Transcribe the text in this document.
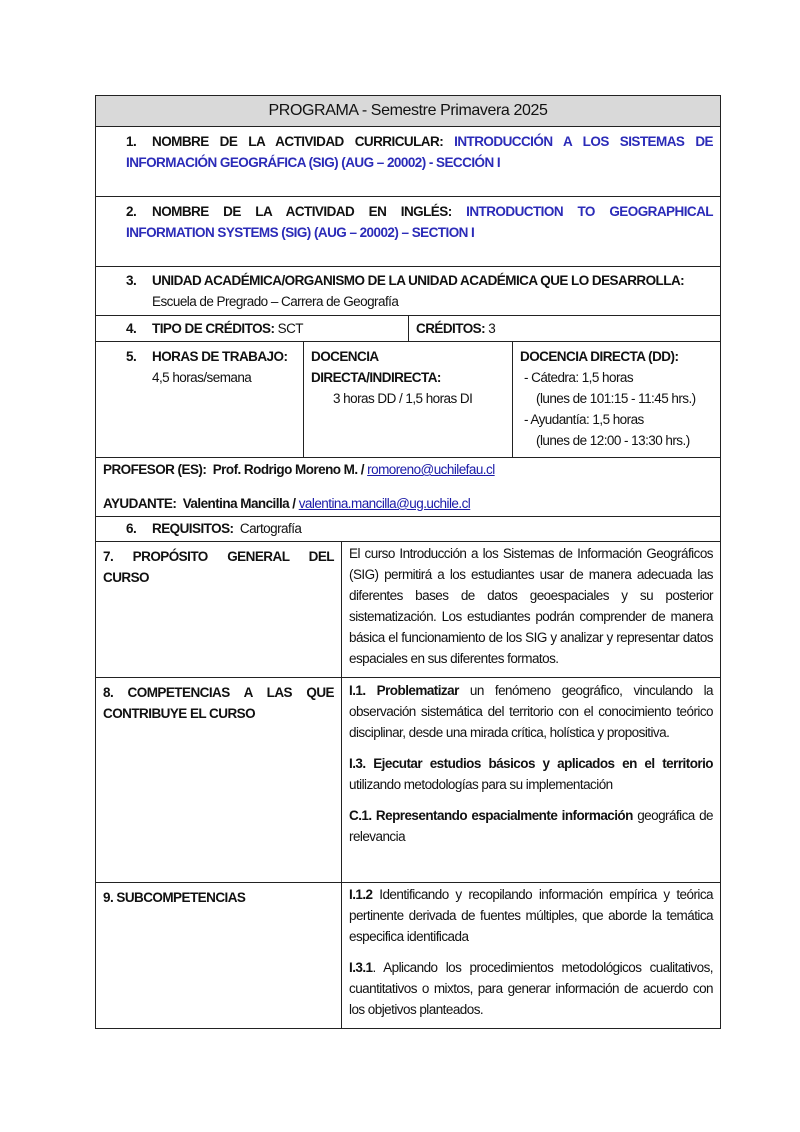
PROGRAMA - Semestre Primavera 2025
1. NOMBRE DE LA ACTIVIDAD CURRICULAR: INTRODUCCIÓN A LOS SISTEMAS DE INFORMACIÓN GEOGRÁFICA (SIG) (AUG – 20002) - SECCIÓN I
2. NOMBRE DE LA ACTIVIDAD EN INGLÉS: INTRODUCTION TO GEOGRAPHICAL INFORMATION SYSTEMS (SIG) (AUG – 20002) – SECTION I
3. UNIDAD ACADÉMICA/ORGANISMO DE LA UNIDAD ACADÉMICA QUE LO DESARROLLA:
Escuela de Pregrado – Carrera de Geografía
4. TIPO DE CRÉDITOS: SCT	CRÉDITOS: 3
5. HORAS DE TRABAJO:
4,5 horas/semana
DOCENCIA
DIRECTA/INDIRECTA:
3 horas DD / 1,5 horas DI
DOCENCIA DIRECTA (DD):
- Cátedra: 1,5 horas
(lunes de 101:15 - 11:45 hrs.)
- Ayudantía: 1,5 horas
(lunes de 12:00 - 13:30 hrs.)
PROFESOR (ES): Prof. Rodrigo Moreno M. / romoreno@uchilefau.cl
AYUDANTE: Valentina Mancilla / valentina.mancilla@ug.uchile.cl
6. REQUISITOS: Cartografía
7. PROPÓSITO GENERAL DEL CURSO
El curso Introducción a los Sistemas de Información Geográficos (SIG) permitirá a los estudiantes usar de manera adecuada las diferentes bases de datos geoespaciales y su posterior sistematización. Los estudiantes podrán comprender de manera básica el funcionamiento de los SIG y analizar y representar datos espaciales en sus diferentes formatos.
8. COMPETENCIAS A LAS QUE CONTRIBUYE EL CURSO

I.1. Problematizar un fenómeno geográfico, vinculando la observación sistemática del territorio con el conocimiento teórico disciplinar, desde una mirada crítica, holística y propositiva.

I.3. Ejecutar estudios básicos y aplicados en el territorio utilizando metodologías para su implementación

C.1. Representando espacialmente información geográfica de relevancia

9. SUBCOMPETENCIAS	I.1.2 Identificando y recopilando información empírica y teórica pertinente derivada de fuentes múltiples, que aborde la temática especifica identificada

I.3.1. Aplicando los procedimientos metodológicos cualitativos, cuantitativos o mixtos, para generar información de acuerdo con los objetivos planteados.
